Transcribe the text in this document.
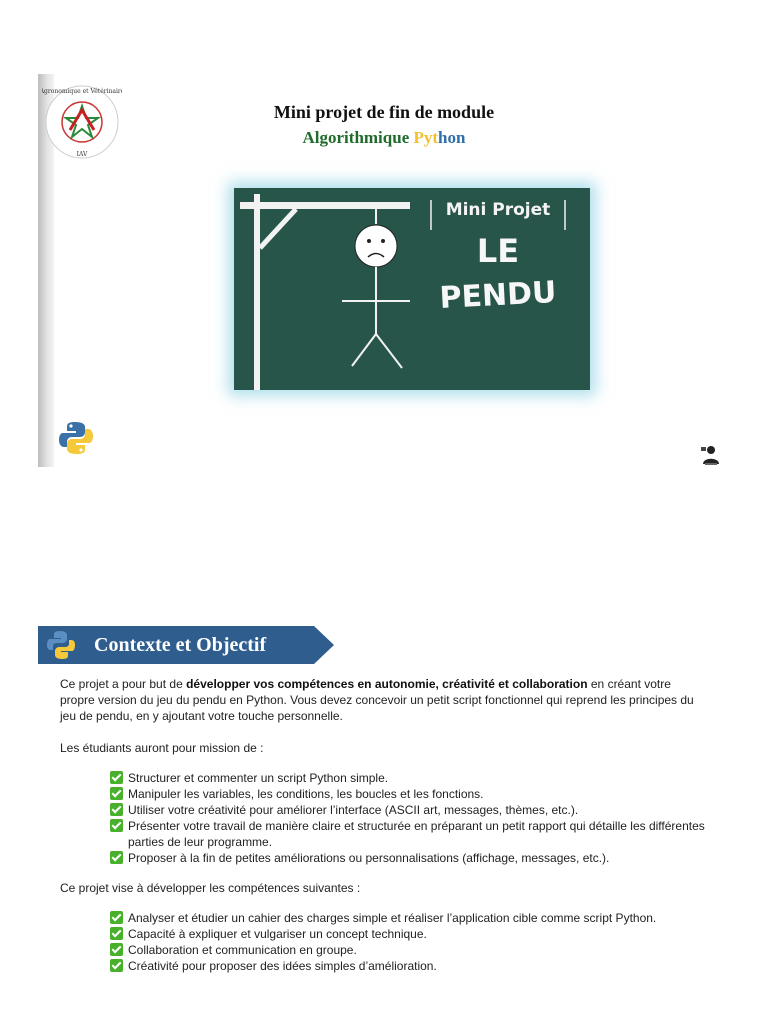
IAV
Agronomique et Vétérinaire
Mini projet de fin de module
Algorithmique Python
Mini Projet
LE
PENDU
Contexte et Objectif
Ce projet a pour but de développer vos compétences en autonomie, créativité et collaboration en créant votre propre version du jeu du pendu en Python. Vous devez concevoir un petit script fonctionnel qui reprend les principes du jeu de pendu, en y ajoutant votre touche personnelle.
Les étudiants auront pour mission de :
Structurer et commenter un script Python simple.
Manipuler les variables, les conditions, les boucles et les fonctions.
Utiliser votre créativité pour améliorer l’interface (ASCII art, messages, thèmes, etc.).
Présenter votre travail de manière claire et structurée en préparant un petit rapport qui détaille les différentes parties de leur programme.
Proposer à la fin de petites améliorations ou personnalisations (affichage, messages, etc.).
Ce projet vise à développer les compétences suivantes :
Analyser et étudier un cahier des charges simple et réaliser l’application cible comme script Python.
Capacité à expliquer et vulgariser un concept technique.
Collaboration et communication en groupe.
Créativité pour proposer des idées simples d’amélioration.
